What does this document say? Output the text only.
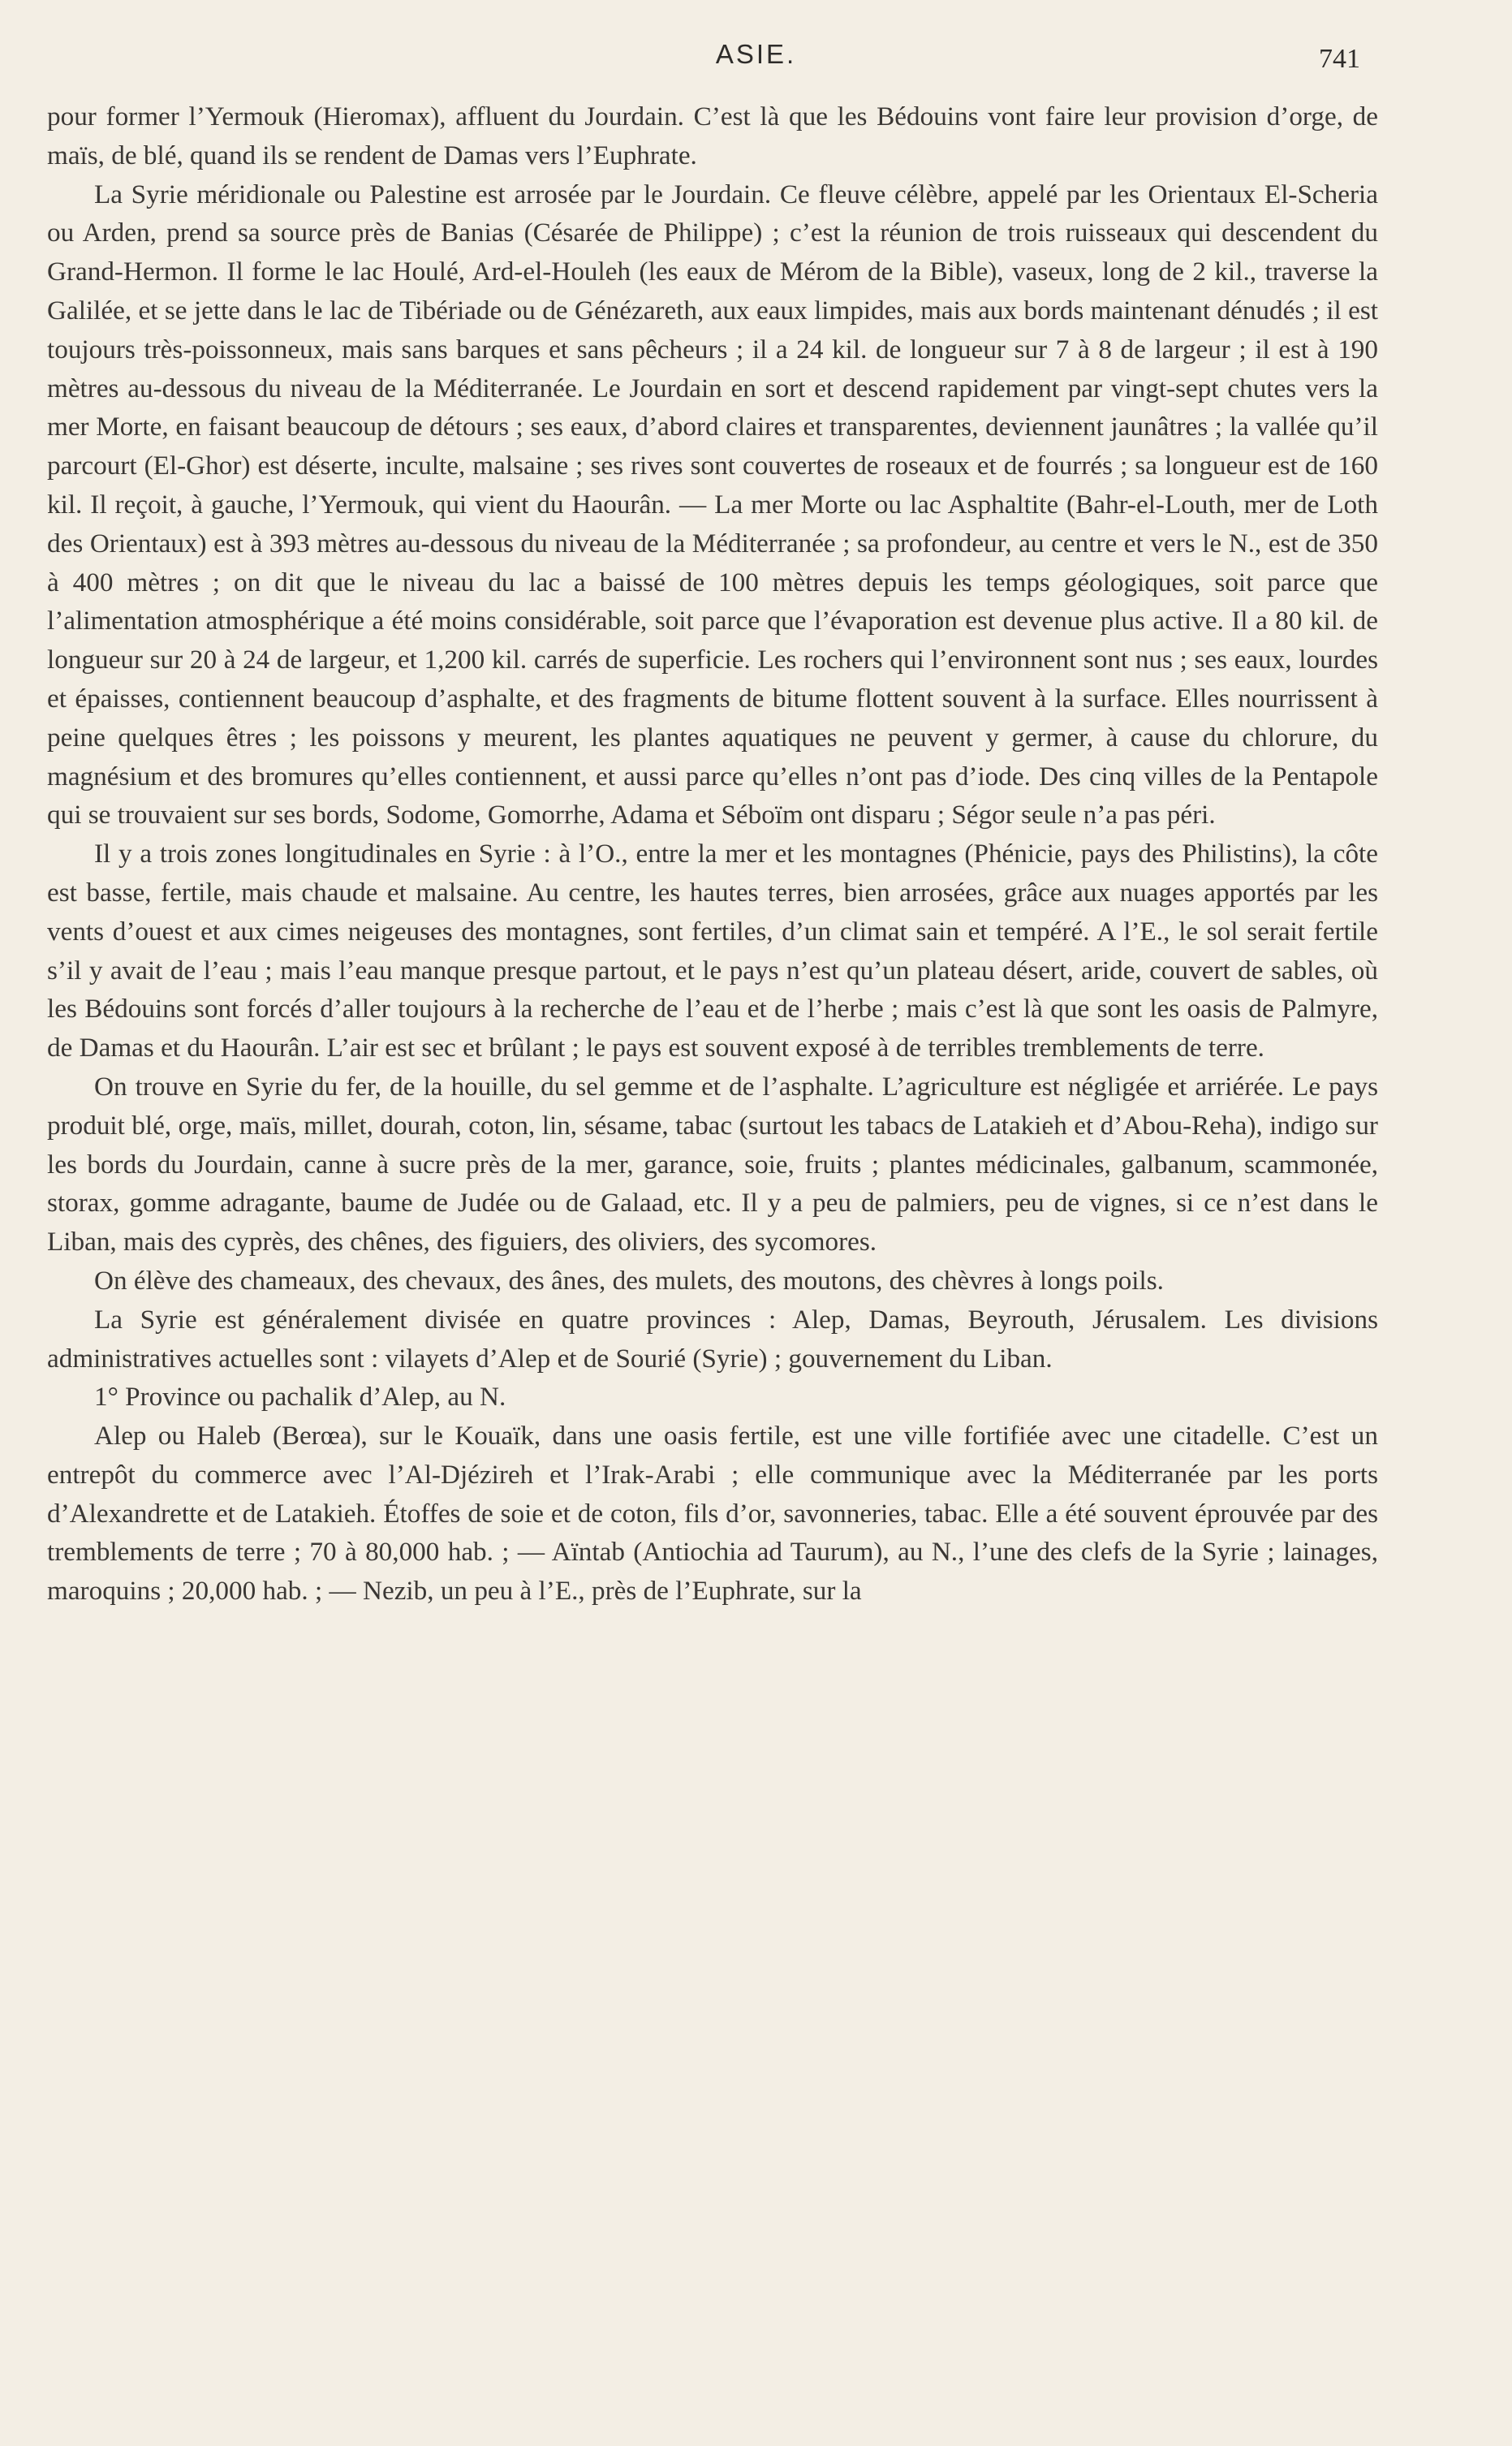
ASIE.	741

pour former l’Yermouk (Hieromax), affluent du Jourdain. C’est là que les Bédouins vont faire leur provision d’orge, de maïs, de blé, quand ils se rendent de Damas vers l’Euphrate.

La Syrie méridionale ou Palestine est arrosée par le Jourdain. Ce fleuve célèbre, appelé par les Orientaux El-Scheria ou Arden, prend sa source près de Banias (Césarée de Philippe) ; c’est la réunion de trois ruisseaux qui descendent du Grand-Hermon. Il forme le lac Houlé, Ard-el-Houleh (les eaux de Mérom de la Bible), vaseux, long de 2 kil., traverse la Galilée, et se jette dans le lac de Tibériade ou de Génézareth, aux eaux limpides, mais aux bords maintenant dénudés ; il est toujours très-poissonneux, mais sans barques et sans pêcheurs ; il a 24 kil. de longueur sur 7 à 8 de largeur ; il est à 190 mètres au-dessous du niveau de la Méditerranée. Le Jourdain en sort et descend rapidement par vingt-sept chutes vers la mer Morte, en faisant beaucoup de détours ; ses eaux, d’abord claires et transparentes, deviennent jaunâtres ; la vallée qu’il parcourt (El-Ghor) est déserte, inculte, malsaine ; ses rives sont couvertes de roseaux et de fourrés ; sa longueur est de 160 kil. Il reçoit, à gauche, l’Yermouk, qui vient du Haourân. — La mer Morte ou lac Asphaltite (Bahr-el-Louth, mer de Loth des Orientaux) est à 393 mètres au-dessous du niveau de la Méditerranée ; sa profondeur, au centre et vers le N., est de 350 à 400 mètres ; on dit que le niveau du lac a baissé de 100 mètres depuis les temps géologiques, soit parce que l’alimentation atmosphérique a été moins considérable, soit parce que l’évaporation est devenue plus active. Il a 80 kil. de longueur sur 20 à 24 de largeur, et 1,200 kil. carrés de superficie. Les rochers qui l’environnent sont nus ; ses eaux, lourdes et épaisses, contiennent beaucoup d’asphalte, et des fragments de bitume flottent souvent à la surface. Elles nourrissent à peine quelques êtres ; les poissons y meurent, les plantes aquatiques ne peuvent y germer, à cause du chlorure, du magnésium et des bromures qu’elles contiennent, et aussi parce qu’elles n’ont pas d’iode. Des cinq villes de la Pentapole qui se trouvaient sur ses bords, Sodome, Gomorrhe, Adama et Séboïm ont disparu ; Ségor seule n’a pas péri.

Il y a trois zones longitudinales en Syrie : à l’O., entre la mer et les montagnes (Phénicie, pays des Philistins), la côte est basse, fertile, mais chaude et malsaine. Au centre, les hautes terres, bien arrosées, grâce aux nuages apportés par les vents d’ouest et aux cimes neigeuses des montagnes, sont fertiles, d’un climat sain et tempéré. A l’E., le sol serait fertile s’il y avait de l’eau ; mais l’eau manque presque partout, et le pays n’est qu’un plateau désert, aride, couvert de sables, où les Bédouins sont forcés d’aller toujours à la recherche de l’eau et de l’herbe ; mais c’est là que sont les oasis de Palmyre, de Damas et du Haourân. L’air est sec et brûlant ; le pays est souvent exposé à de terribles tremblements de terre.

On trouve en Syrie du fer, de la houille, du sel gemme et de l’asphalte. L’agriculture est négligée et arriérée. Le pays produit blé, orge, maïs, millet, dourah, coton, lin, sésame, tabac (surtout les tabacs de Latakieh et d’Abou-Reha), indigo sur les bords du Jourdain, canne à sucre près de la mer, garance, soie, fruits ; plantes médicinales, galbanum, scammonée, storax, gomme adragante, baume de Judée ou de Galaad, etc. Il y a peu de palmiers, peu de vignes, si ce n’est dans le Liban, mais des cyprès, des chênes, des figuiers, des oliviers, des sycomores.

On élève des chameaux, des chevaux, des ânes, des mulets, des moutons, des chèvres à longs poils.

La Syrie est généralement divisée en quatre provinces : Alep, Damas, Beyrouth, Jérusalem. Les divisions administratives actuelles sont : vilayets d’Alep et de Sourié (Syrie) ; gouvernement du Liban.

1° Province ou pachalik d’Alep, au N.

Alep ou Haleb (Berœa), sur le Kouaïk, dans une oasis fertile, est une ville fortifiée avec une citadelle. C’est un entrepôt du commerce avec l’Al-Djézireh et l’Irak-Arabi ; elle communique avec la Méditerranée par les ports d’Alexandrette et de Latakieh. Étoffes de soie et de coton, fils d’or, savonneries, tabac. Elle a été souvent éprouvée par des tremblements de terre ; 70 à 80,000 hab. ; — Aïntab (Antiochia ad Taurum), au N., l’une des clefs de la Syrie ; lainages, maroquins ; 20,000 hab. ; — Nezib, un peu à l’E., près de l’Euphrate, sur la
